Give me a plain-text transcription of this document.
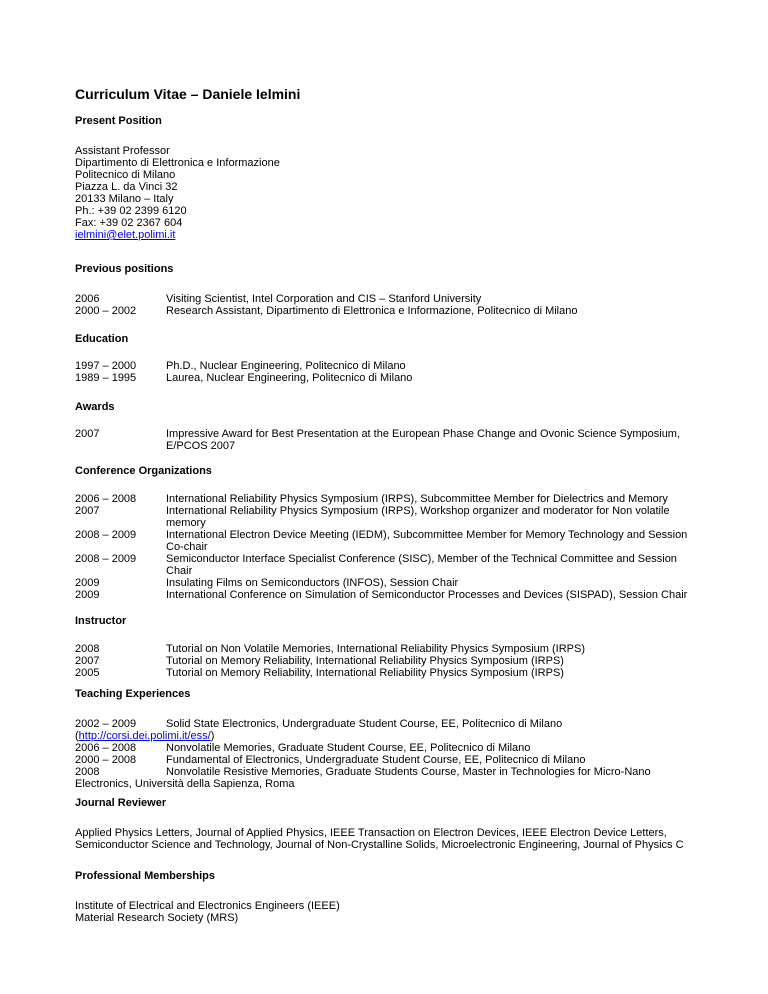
Curriculum Vitae – Daniele Ielmini
Present Position
Assistant Professor
Dipartimento di Elettronica e Informazione
Politecnico di Milano
Piazza L. da Vinci 32
20133 Milano – Italy
Ph.: +39 02 2399 6120
Fax: +39 02 2367 604
ielmini@elet.polimi.it
Previous positions
2006	Visiting Scientist, Intel Corporation and CIS – Stanford University
2000 – 2002	Research Assistant, Dipartimento di Elettronica e Informazione, Politecnico di Milano
Education
1997 – 2000	Ph.D., Nuclear Engineering, Politecnico di Milano
1989 – 1995	Laurea, Nuclear Engineering, Politecnico di Milano
Awards
2007	Impressive Award for Best Presentation at the European Phase Change and Ovonic Science Symposium, E/PCOS 2007
Conference Organizations
2006 – 2008	International Reliability Physics Symposium (IRPS), Subcommittee Member for Dielectrics and Memory
2007	International Reliability Physics Symposium (IRPS), Workshop organizer and moderator for Non volatile memory
2008 – 2009	International Electron Device Meeting (IEDM), Subcommittee Member for Memory Technology and Session Co-chair
2008 – 2009	Semiconductor Interface Specialist Conference (SISC), Member of the Technical Committee and Session Chair
2009	Insulating Films on Semiconductors (INFOS), Session Chair
2009	International Conference on Simulation of Semiconductor Processes and Devices (SISPAD), Session Chair
Instructor
2008	Tutorial on Non Volatile Memories, International Reliability Physics Symposium (IRPS)
2007	Tutorial on Memory Reliability, International Reliability Physics Symposium (IRPS)
2005	Tutorial on Memory Reliability, International Reliability Physics Symposium (IRPS)
Teaching Experiences
2002 – 2009	Solid State Electronics, Undergraduate Student Course, EE, Politecnico di Milano
(http://corsi.dei.polimi.it/ess/)
2006 – 2008	Nonvolatile Memories, Graduate Student Course, EE, Politecnico di Milano
2000 – 2008	Fundamental of Electronics, Undergraduate Student Course, EE, Politecnico di Milano
2008	Nonvolatile Resistive Memories, Graduate Students Course, Master in Technologies for Micro-Nano
Electronics, Università della Sapienza, Roma
Journal Reviewer
Applied Physics Letters, Journal of Applied Physics, IEEE Transaction on Electron Devices, IEEE Electron Device Letters, Semiconductor Science and Technology, Journal of Non-Crystalline Solids, Microelectronic Engineering, Journal of Physics C
Professional Memberships
Institute of Electrical and Electronics Engineers (IEEE)
Material Research Society (MRS)
